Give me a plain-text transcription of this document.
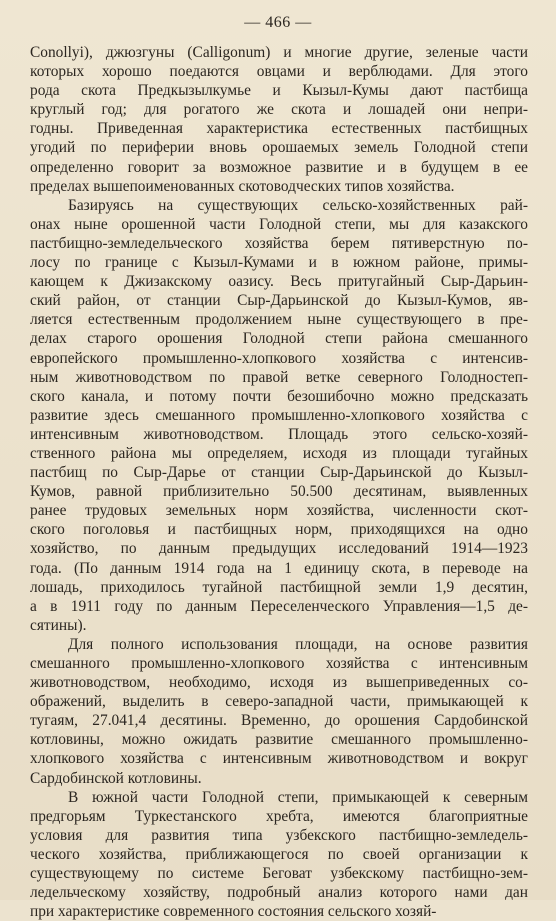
— 466 —
Conollyi), джюзгуны (Calligonum) и многие другие, зеленые части
которых хорошо поедаются овцами и верблюдами. Для этого
рода скота Предкызылкумье и Кызыл-Кумы дают пастбища
круглый год; для рогатого же скота и лошадей они непри-
годны. Приведенная характеристика естественных пастбищных
угодий по периферии вновь орошаемых земель Голодной степи
определенно говорит за возможное развитие и в будущем в ее
пределах вышепоименованных скотоводческих типов хозяйства.
Базируясь на существующих сельско-хозяйственных рай-
онах ныне орошенной части Голодной степи, мы для казакского
пастбищно-земледельческого хозяйства берем пятиверстную по-
лосу по границе с Кызыл-Кумами и в южном районе, примы-
кающем к Джизакскому оазису. Весь притугайный Сыр-Дарьин-
ский район, от станции Сыр-Дарьинской до Кызыл-Кумов, яв-
ляется естественным продолжением ныне существующего в пре-
делах старого орошения Голодной степи района смешанного
европейского промышленно-хлопкового хозяйства с интенсив-
ным животноводством по правой ветке северного Голодностеп-
ского канала, и потому почти безошибочно можно предсказать
развитие здесь смешанного промышленно-хлопкового хозяйства с
интенсивным животноводством. Площадь этого сельско-хозяй-
ственного района мы определяем, исходя из площади тугайных
пастбищ по Сыр-Дарье от станции Сыр-Дарьинской до Кызыл-
Кумов, равной приблизительно 50.500 десятинам, выявленных
ранее трудовых земельных норм хозяйства, численности скот-
ского поголовья и пастбищных норм, приходящихся на одно
хозяйство, по данным предыдущих исследований 1914—1923
года. (По данным 1914 года на 1 единицу скота, в переводе на
лошадь, приходилось тугайной пастбищной земли 1,9 десятин,
а в 1911 году по данным Переселенческого Управления—1,5 де-
сятины).
Для полного использования площади, на основе развития
смешанного промышленно-хлопкового хозяйства с интенсивным
животноводством, необходимо, исходя из вышеприведенных со-
ображений, выделить в северо-западной части, примыкающей к
тугаям, 27.041,4 десятины. Временно, до орошения Сардобинской
котловины, можно ожидать развитие смешанного промышленно-
хлопкового хозяйства с интенсивным животноводством и вокруг
Сардобинской котловины.
В южной части Голодной степи, примыкающей к северным
предгорьям Туркестанского хребта, имеются благоприятные
условия для развития типа узбекского пастбищно-земледель-
ческого хозяйства, приближающегося по своей организации к
существующему по системе Беговат узбекскому пастбищно-зем-
ледельческому хозяйству, подробный анализ которого нами дан
при характеристике современного состояния сельского хозяй-
